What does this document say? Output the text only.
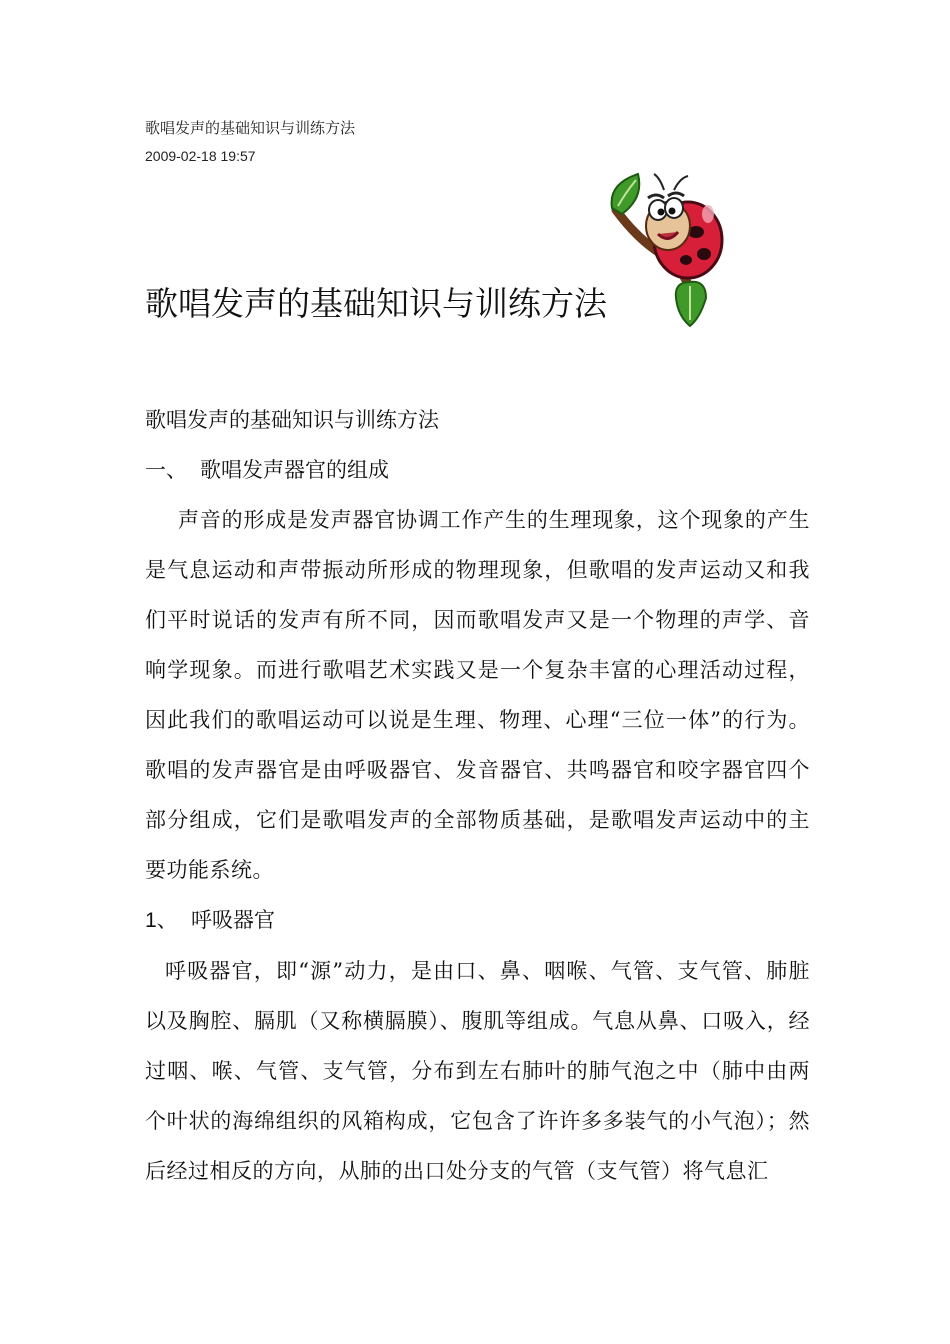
歌唱发声的基础知识与训练方法
2009-02-18 19:57
歌唱发声的基础知识与训练方法

歌唱发声的基础知识与训练方法

一、 歌唱发声器官的组成

声音的形成是发声器官协调工作产生的生理现象，这个现象的产生是气息运动和声带振动所形成的物理现象，但歌唱的发声运动又和我们平时说话的发声有所不同，因而歌唱发声又是一个物理的声学、音响学现象。而进行歌唱艺术实践又是一个复杂丰富的心理活动过程，因此我们的歌唱运动可以说是生理、物理、心理“三位一体”的行为。歌唱的发声器官是由呼吸器官、发音器官、共鸣器官和咬字器官四个部分组成，它们是歌唱发声的全部物质基础，是歌唱发声运动中的主要功能系统。

1、 呼吸器官

呼吸器官，即“源”动力，是由口、鼻、咽喉、气管、支气管、肺脏以及胸腔、膈肌（又称横膈膜）、腹肌等组成。气息从鼻、口吸入，经过咽、喉、气管、支气管，分布到左右肺叶的肺气泡之中（肺中由两个叶状的海绵组织的风箱构成，它包含了许许多多装气的小气泡）；然后经过相反的方向，从肺的出口处分支的气管（支气管）将气息汇
